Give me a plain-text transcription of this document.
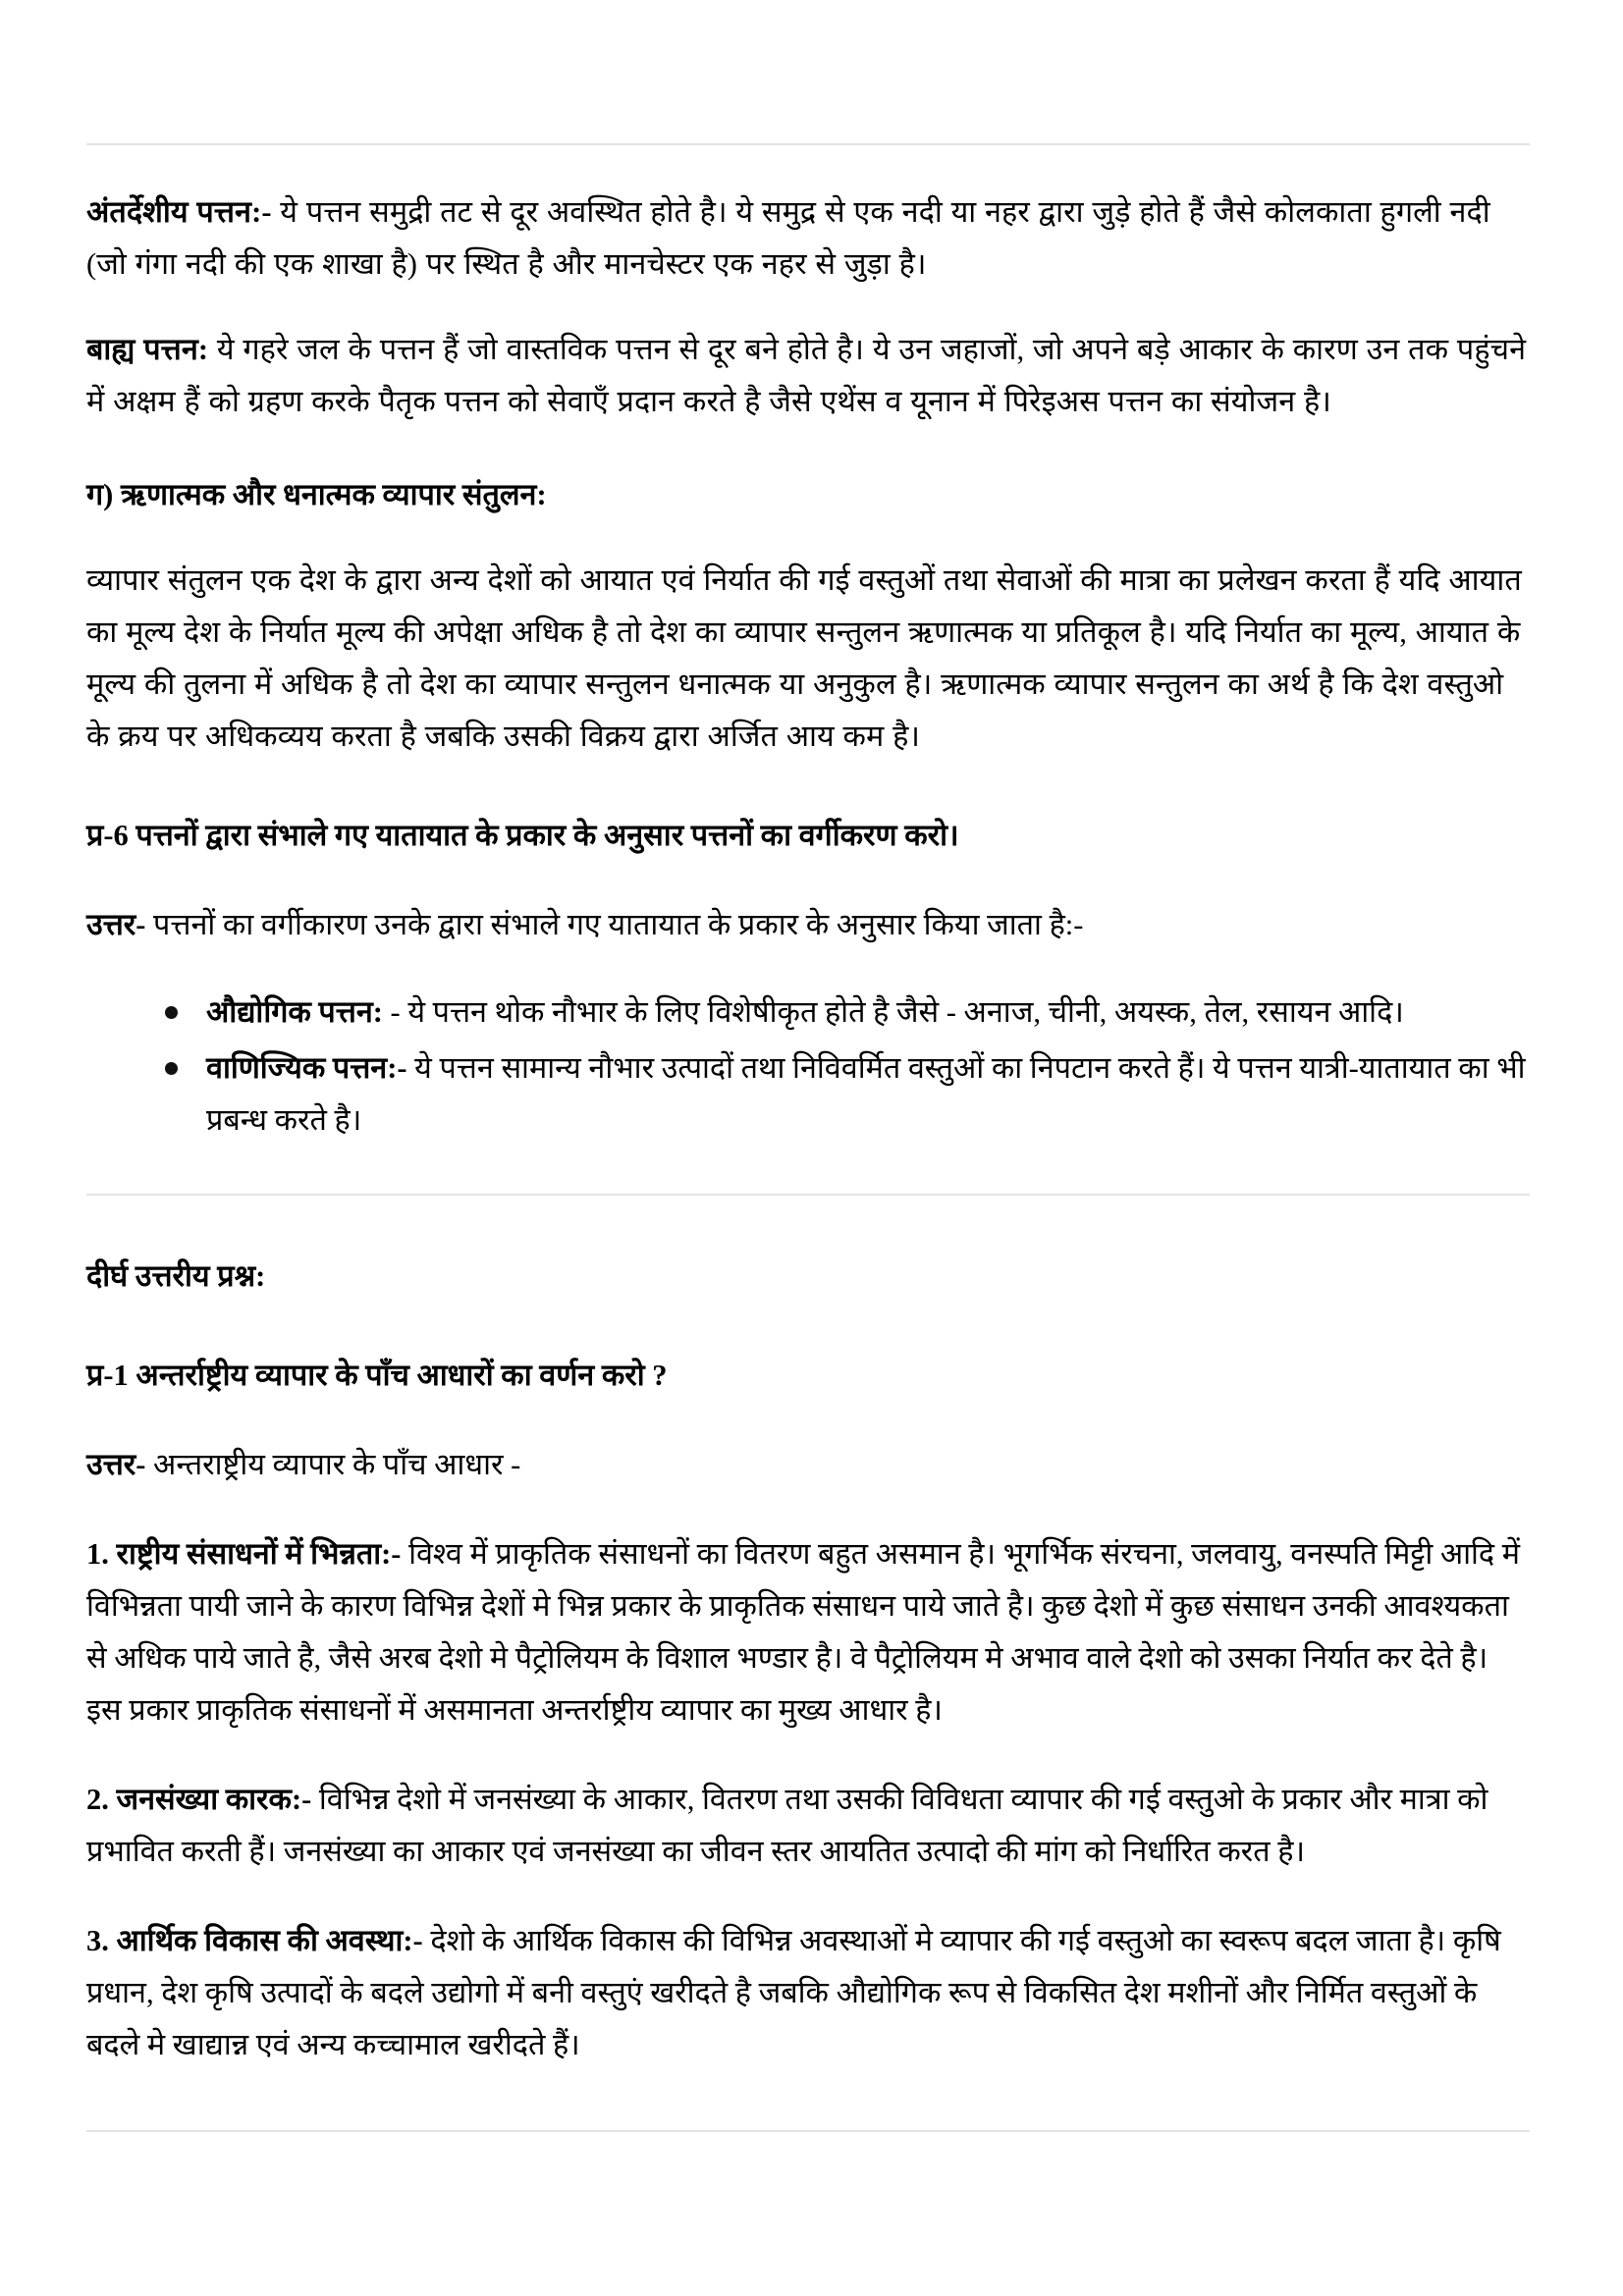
अंतर्देशीय पत्तन:- ये पत्तन समुद्री तट से दूर अवस्थित होते है। ये समुद्र से एक नदी या नहर द्वारा जुड़े होते हैं जैसे कोलकाता हुगली नदी (जो गंगा नदी की एक शाखा है) पर स्थित है और मानचेस्टर एक नहर से जुड़ा है।

बाह्य पत्तन: ये गहरे जल के पत्तन हैं जो वास्तविक पत्तन से दूर बने होते है। ये उन जहाजों, जो अपने बड़े आकार के कारण उन तक पहुंचने में अक्षम हैं को ग्रहण करके पैतृक पत्तन को सेवाएँ प्रदान करते है जैसे एथेंस व यूनान में पिरेइअस पत्तन का संयोजन है।

ग) ऋणात्मक और धनात्मक व्यापार संतुलन:

व्यापार संतुलन एक देश के द्वारा अन्य देशों को आयात एवं निर्यात की गई वस्तुओं तथा सेवाओं की मात्रा का प्रलेखन करता हैं यदि आयात का मूल्य देश के निर्यात मूल्य की अपेक्षा अधिक है तो देश का व्यापार सन्तुलन ऋणात्मक या प्रतिकूल है। यदि निर्यात का मूल्य, आयात के मूल्य की तुलना में अधिक है तो देश का व्यापार सन्तुलन धनात्मक या अनुकुल है। ऋणात्मक व्यापार सन्तुलन का अर्थ है कि देश वस्तुओ के क्रय पर अधिकव्यय करता है जबकि उसकी विक्रय द्वारा अर्जित आय कम है।

प्र-6 पत्तनों द्वारा संभाले गए यातायात के प्रकार के अनुसार पत्तनों का वर्गीकरण करो।

उत्तर- पत्तनों का वर्गीकारण उनके द्वारा संभाले गए यातायात के प्रकार के अनुसार किया जाता है:-

औद्योगिक पत्तन: - ये पत्तन थोक नौभार के लिए विशेषीकृत होते है जैसे - अनाज, चीनी, अयस्क, तेल, रसायन आदि।
वाणिज्यिक पत्तन:- ये पत्तन सामान्य नौभार उत्पादों तथा निविवर्मित वस्तुओं का निपटान करते हैं। ये पत्तन यात्री-यातायात का भी प्रबन्ध करते है।
दीर्घ उत्तरीय प्रश्न:
प्र-1 अन्तर्राष्ट्रीय व्यापार के पाँच आधारों का वर्णन करो ?

उत्तर- अन्तराष्ट्रीय व्यापार के पाँच आधार -

1. राष्ट्रीय संसाधनों में भिन्नता:- विश्व में प्राकृतिक संसाधनों का वितरण बहुत असमान है। भूगर्भिक संरचना, जलवायु, वनस्पति मिट्टी आदि में विभिन्नता पायी जाने के कारण विभिन्न देशों मे भिन्न प्रकार के प्राकृतिक संसाधन पाये जाते है। कुछ देशो में कुछ संसाधन उनकी आवश्यकता से अधिक पाये जाते है, जैसे अरब देशो मे पैट्रोलियम के विशाल भण्डार है। वे पैट्रोलियम मे अभाव वाले देशो को उसका निर्यात कर देते है। इस प्रकार प्राकृतिक संसाधनों में असमानता अन्तर्राष्ट्रीय व्यापार का मुख्य आधार है।

2. जनसंख्या कारक:- विभिन्न देशो में जनसंख्या के आकार, वितरण तथा उसकी विविधता व्यापार की गई वस्तुओ के प्रकार और मात्रा को प्रभावित करती हैं। जनसंख्या का आकार एवं जनसंख्या का जीवन स्तर आयतित उत्पादो की मांग को निर्धारित करत है।

3. आर्थिक विकास की अवस्था:- देशो के आर्थिक विकास की विभिन्न अवस्थाओं मे व्यापार की गई वस्तुओ का स्वरूप बदल जाता है। कृषि प्रधान, देश कृषि उत्पादों के बदले उद्योगो में बनी वस्तुएं खरीदते है जबकि औद्योगिक रूप से विकसित देश मशीनों और निर्मित वस्तुओं के बदले मे खाद्यान्न एवं अन्य कच्चामाल खरीदते हैं।
